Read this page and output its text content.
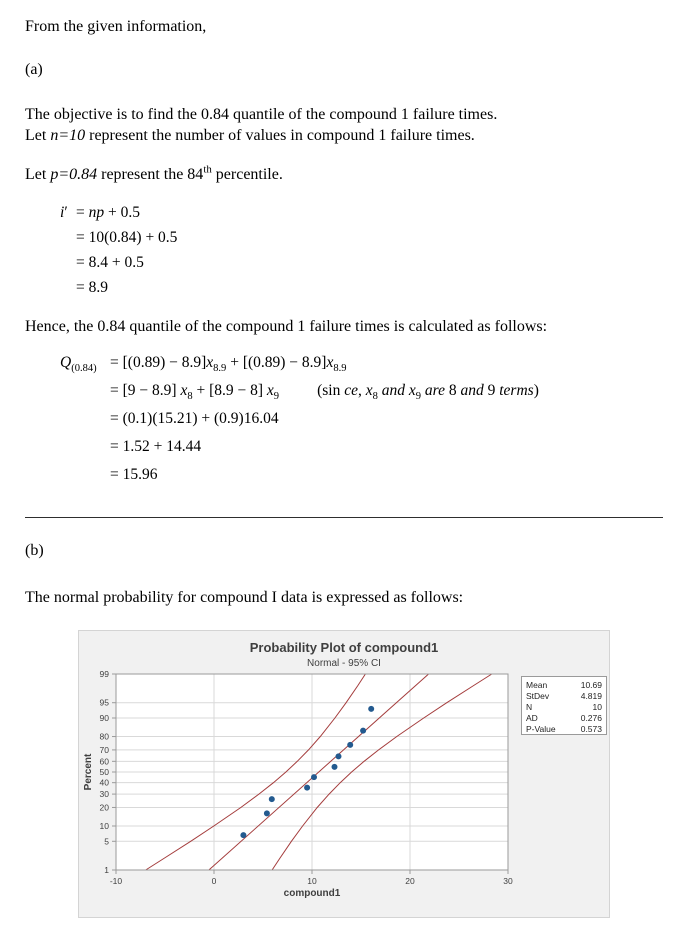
From the given information,

(a)

The objective is to find the 0.84 quantile of the compound 1 failure times.
Let n=10 represent the number of values in compound 1 failure times.

Let p=0.84 represent the 84th percentile.

i′ = np + 0.5
= 10(0.84) + 0.5
= 8.4 + 0.5
= 8.9

Hence, the 0.84 quantile of the compound 1 failure times is calculated as follows:

$Q_{(0.84)} = [(0.89) - 8.9]x_{8.9} + [(0.89) - 8.9]x_{8.9}$
= [9 − 8.9] $x_8 + [8.9 - 8]$ $x_9$ (sin ce, $x_8$ and $x_9$ are 8 and 9 terms)
= (0.1)(15.21) + (0.9)16.04
= 1.52 + 14.44
= 15.96

(b)

The normal probability for compound I data is expressed as follows:

Probability Plot of compound1
Normal - 95% CI
1
5
10
20
30
40
50
60
70
80
90
95
99
-10	0	10	20	30
Mean	10.69
StDev	4.819
N	10
AD	0.276
P-Value	0.573
Percent
compound1
